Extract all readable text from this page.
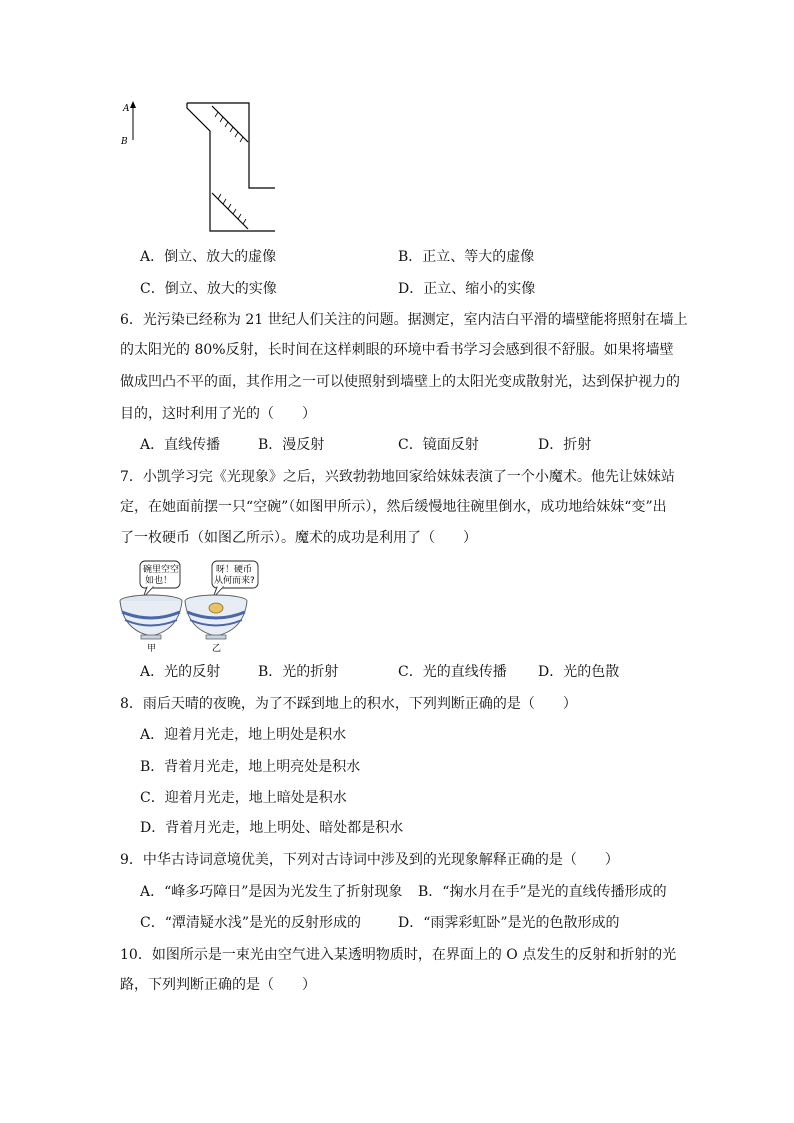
A
B
A．倒立、放大的虚像	B．正立、等大的虚像
C．倒立、放大的实像	D．正立、缩小的实像
6．光污染已经称为 21 世纪人们关注的问题。据测定，室内洁白平滑的墙壁能将照射在墙上
的太阳光的 80%反射，长时间在这样刺眼的环境中看书学习会感到很不舒服。如果将墙壁
做成凹凸不平的面，其作用之一可以使照射到墙壁上的太阳光变成散射光，达到保护视力的
目的，这时利用了光的（　　）
A．直线传播	B．漫反射	C．镜面反射	D．折射
7．小凯学习完《光现象》之后，兴致勃勃地回家给妹妹表演了一个小魔术。他先让妹妹站
定，在她面前摆一只“空碗”（如图甲所示），然后缓慢地往碗里倒水，成功地给妹妹“变”出
了一枚硬币（如图乙所示）。魔术的成功是利用了（　　）
碗里空空
如也！
呀！硬币
从何而来?
甲	乙
A．光的反射	B．光的折射	C．光的直线传播 D．光的色散
8．雨后天晴的夜晚，为了不踩到地上的积水，下列判断正确的是（　　）
A．迎着月光走，地上明处是积水
B．背着月光走，地上明亮处是积水
C．迎着月光走，地上暗处是积水
D．背着月光走，地上明处、暗处都是积水
9．中华古诗词意境优美，下列对古诗词中涉及到的光现象解释正确的是（　　）
A．“峰多巧障日”是因为光发生了折射现象 B．“掬水月在手”是光的直线传播形成的
C．“潭清疑水浅”是光的反射形成的	D．“雨霁彩虹卧”是光的色散形成的
10．如图所示是一束光由空气进入某透明物质时，在界面上的 O 点发生的反射和折射的光
路，下列判断正确的是（　　）
